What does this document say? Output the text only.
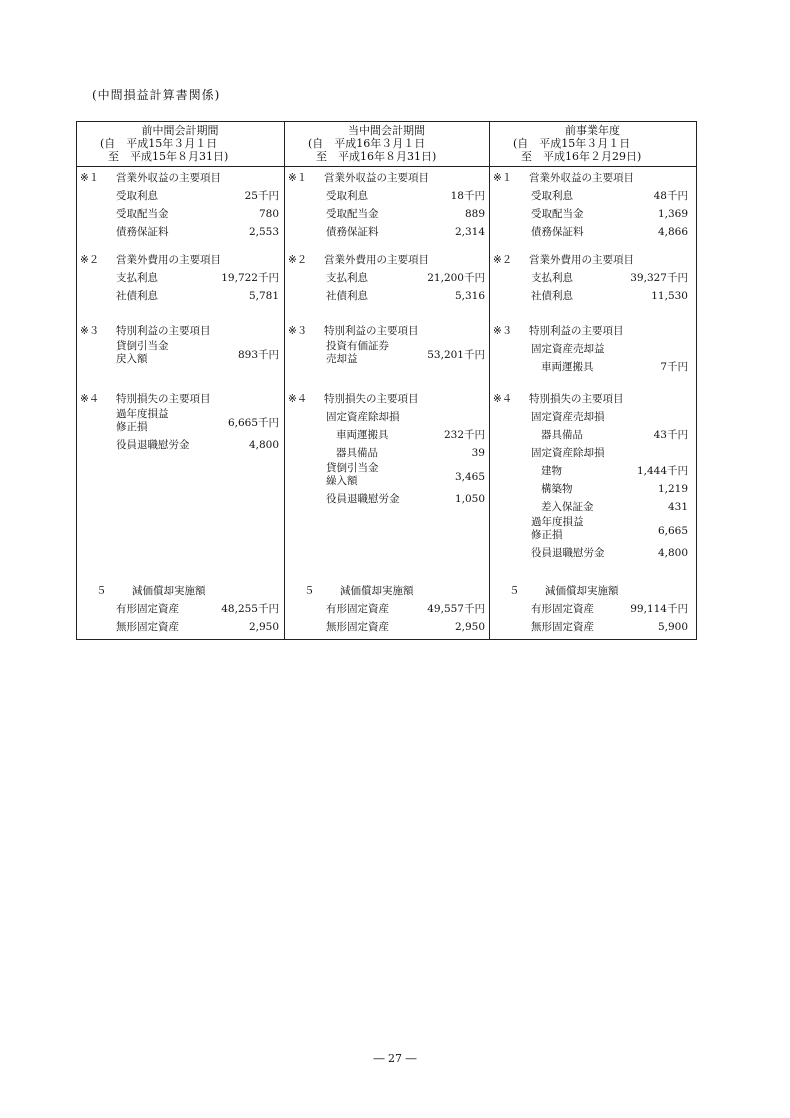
(中間損益計算書関係)
前中間会計期間
(自　平成15年３月１日
至　平成15年８月31日)
※１ 営業外収益の主要項目
受取利息	25千円
受取配当金	780
債務保証料	2,553
※２ 営業外費用の主要項目
支払利息	19,722千円
社債利息	5,781
※３ 特別利益の主要項目
貸倒引当金
戻入額	893千円
※４ 特別損失の主要項目
過年度損益
修正損	6,665千円
役員退職慰労金	4,800
５ 減価償却実施額
有形固定資産	48,255千円
無形固定資産	2,950
当中間会計期間
(自　平成16年３月１日
至　平成16年８月31日)
※１ 営業外収益の主要項目
受取利息	18千円
受取配当金	889
債務保証料	2,314
※２ 営業外費用の主要項目
支払利息	21,200千円
社債利息	5,316
※３ 特別利益の主要項目
投資有価証券
売却益	53,201千円
※４ 特別損失の主要項目
固定資産除却損
車両運搬具	232千円
器具備品	39
貸倒引当金
繰入額	3,465
役員退職慰労金	1,050
５ 減価償却実施額
有形固定資産	49,557千円
無形固定資産	2,950
前事業年度
(自　平成15年３月１日
至　平成16年２月29日)
※１ 営業外収益の主要項目
受取利息	48千円
受取配当金	1,369
債務保証料	4,866
※２ 営業外費用の主要項目
支払利息	39,327千円
社債利息	11,530
※３ 特別利益の主要項目
固定資産売却益
車両運搬具	7千円
※４ 特別損失の主要項目
固定資産売却損
器具備品	43千円
固定資産除却損
建物	1,444千円
構築物	1,219
差入保証金	431
過年度損益
修正損	6,665
役員退職慰労金	4,800
５ 減価償却実施額
有形固定資産	99,114千円
無形固定資産	5,900
― 27 ―
